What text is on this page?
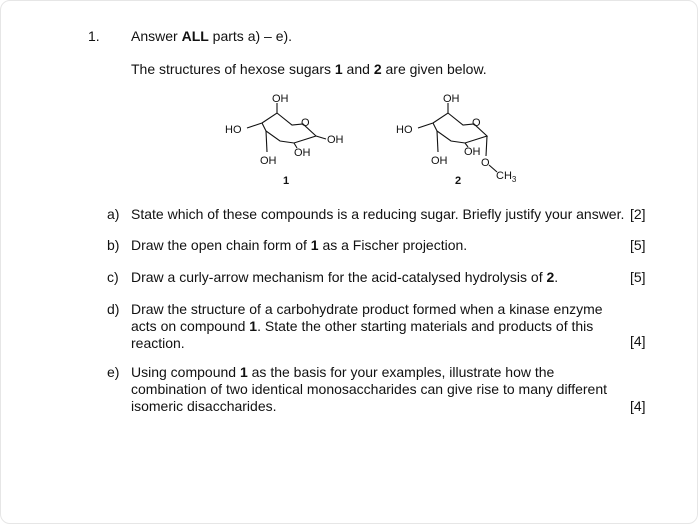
1. Answer ALL parts a) – e).
The structures of hexose sugars 1 and 2 are given below.
OH
HO
O
OH
OH
OH
1
OH
HO
O
OH
OH	O
$CH_3$
2
a) State which of these compounds is a reducing sugar. Briefly justify your answer. [2]
b) Draw the open chain form of 1 as a Fischer projection.	[5]
c) Draw a curly-arrow mechanism for the acid-catalysed hydrolysis of 2.	[5]
d) Draw the structure of a carbohydrate product formed when a kinase enzyme acts on compound 1. State the other starting materials and products of this reaction.	[4]
e) Using compound 1 as the basis for your examples, illustrate how the combination of two identical monosaccharides can give rise to many different isomeric disaccharides.	[4]
